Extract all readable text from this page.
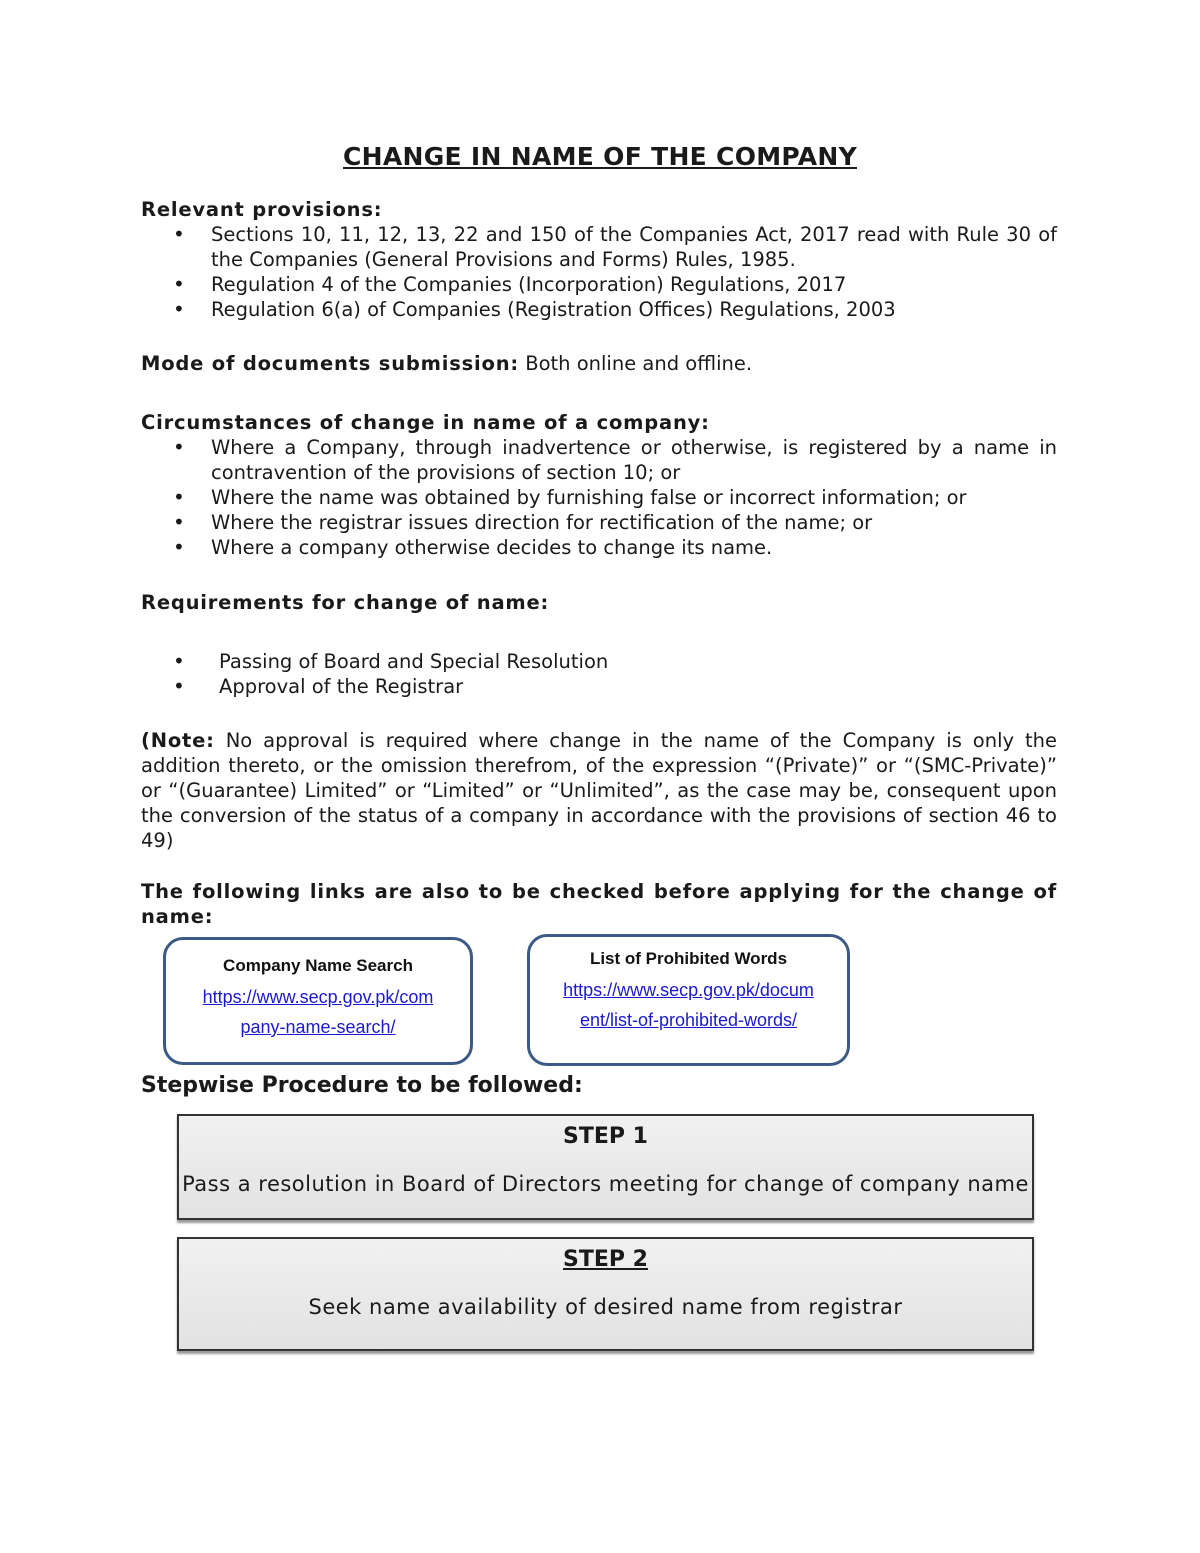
CHANGE IN NAME OF THE COMPANY
Relevant provisions:
• Sections 10, 11, 12, 13, 22 and 150 of the Companies Act, 2017 read with Rule 30 of the Companies (General Provisions and Forms) Rules, 1985.
• Regulation 4 of the Companies (Incorporation) Regulations, 2017
• Regulation 6(a) of Companies (Registration Offices) Regulations, 2003
Mode of documents submission: Both online and offline.
Circumstances of change in name of a company:
• Where a Company, through inadvertence or otherwise, is registered by a name in contravention of the provisions of section 10; or
• Where the name was obtained by furnishing false or incorrect information; or
• Where the registrar issues direction for rectification of the name; or
• Where a company otherwise decides to change its name.
Requirements for change of name:
• Passing of Board and Special Resolution
• Approval of the Registrar
(Note: No approval is required where change in the name of the Company is only the addition thereto, or the omission therefrom, of the expression “(Private)” or “(SMC-Private)” or “(Guarantee) Limited” or “Limited” or “Unlimited”, as the case may be, consequent upon the conversion of the status of a company in accordance with the provisions of section 46 to 49)
The following links are also to be checked before applying for the change of name:
Company Name Search
https://www.secp.gov.pk/com
pany-name-search/
List of Prohibited Words
https://www.secp.gov.pk/docum
ent/list-of-prohibited-words/
Stepwise Procedure to be followed:
STEP 1
Pass a resolution in Board of Directors meeting for change of company name
STEP 2
Seek name availability of desired name from registrar
